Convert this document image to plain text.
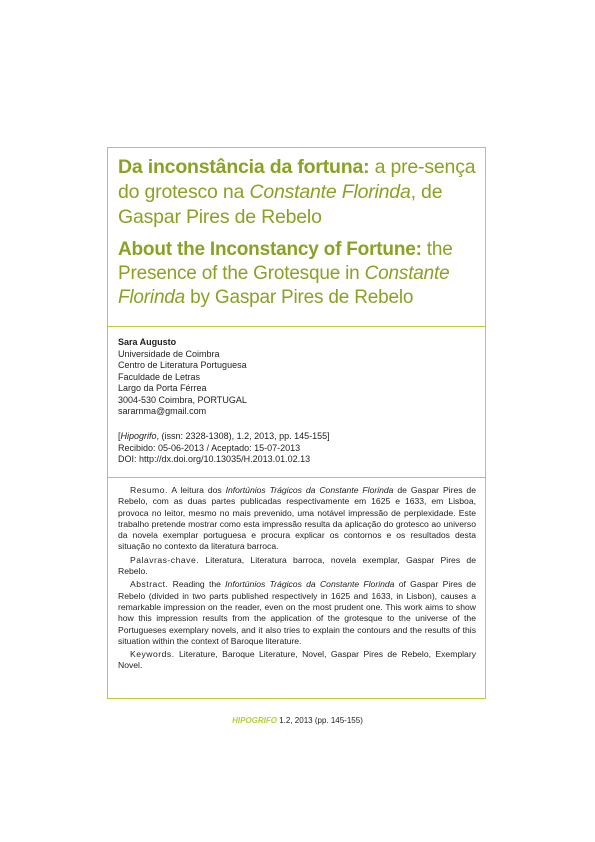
Da inconstância da fortuna: a pre-sença do grotesco na Constante Florinda, de Gaspar Pires de Rebelo
About the Inconstancy of Fortune: the Presence of the Grotesque in Constante Florinda by Gaspar Pires de Rebelo
Sara Augusto
Universidade de Coimbra
Centro de Literatura Portuguesa
Faculdade de Letras
Largo da Porta Férrea
3004-530 Coimbra, PORTUGAL
sararnma@gmail.com
[Hipogrifo, (issn: 2328-1308), 1.2, 2013, pp. 145-155]
Recibido: 05-06-2013 / Aceptado: 15-07-2013
DOI: http://dx.doi.org/10.13035/H.2013.01.02.13

Resumo. A leitura dos Infortúnios Trágicos da Constante Florinda de Gaspar Pires de Rebelo, com as duas partes publicadas respectivamente em 1625 e 1633, em Lisboa, provoca no leitor, mesmo no mais prevenido, uma notável impressão de perplexidade. Este trabalho pretende mostrar como esta impressão resulta da aplicação do grotesco ao universo da novela exemplar portuguesa e procura explicar os contornos e os resultados desta situação no contexto da literatura barroca.

Palavras-chave. Literatura, Literatura barroca, novela exemplar, Gaspar Pires de Rebelo.

Abstract. Reading the Infortúnios Trágicos da Constante Florinda of Gaspar Pires de Rebelo (divided in two parts published respectively in 1625 and 1633, in Lisbon), causes a remarkable impression on the reader, even on the most prudent one. This work aims to show how this impression results from the application of the grotesque to the universe of the Portugueses exemplary novels, and it also tries to explain the contours and the results of this situation within the context of Baroque literature.

Keywords. Literature, Baroque Literature, Novel, Gaspar Pires de Rebelo, Exemplary Novel.

HIPOGRIFO 1.2, 2013 (pp. 145-155)
